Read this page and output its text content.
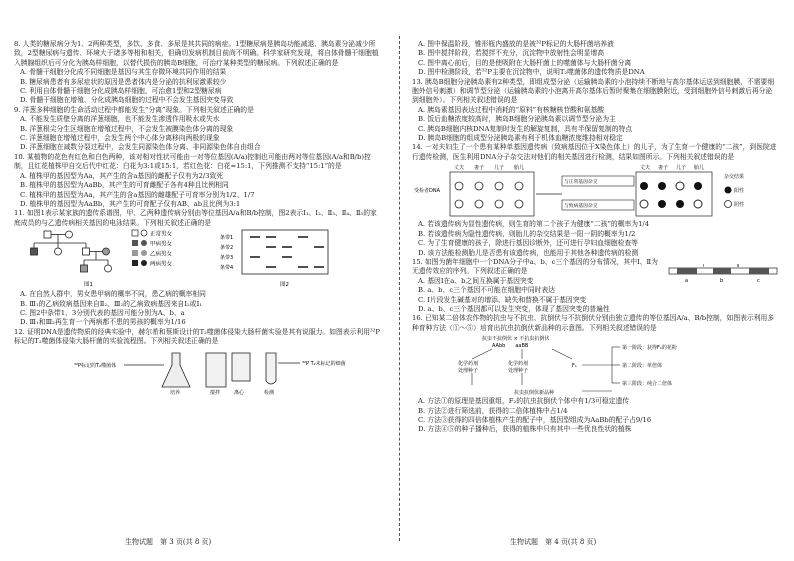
8. 人类的糖尿病分为1、2两种类型，多饮、多食、多尿是其共同的病症。1型糖尿病是胰岛功能减退、胰岛素分泌减少所致，2型糖尿病与遗传、环境大于诸多等相和相关，但确切发病机制目前尚不明确。科学家研究发现，将自体骨髓干细胞植入胰腺组织后可分化为胰岛样细胞，以替代损伤的胰岛B细胞，可治疗某种类型的糖尿病。下列叙述正确的是

A. 骨髓干细胞分化成不同细胞是基因与其生存微环境共同作用的结果

B. 糖尿病患者有多尿症状的原因是患者体内是分泌的抗利尿激素较少

C. 利用自体骨髓干细胞分化成胰岛样细胞，可治愈1型和2型糖尿病

D. 骨髓干细胞在增殖、分化成胰岛细胞的过程中不会发生基因突变导致

9. 洋葱多种细胞的生命活动过程中都能发生“分离”现象。下列相关叙述正确的是

A. 不能发生质壁分离的洋葱细胞，也不能发生渗透作用吸水或失水

B. 洋葱根尖分生区细胞在增殖过程中，不会发生被膜染色体分离的现象

C. 洋葱细胞在增殖过程中，会发生两个中心体分离移向两极的现象

D. 洋葱细胞在减数分裂过程中，会发生同源染色体分离、非同源染色体自由组合

10. 某植物的花色有红色和白色两种，该对相对性状可能由一对等位基因(A/a)控制也可能由两对等位基因(A/a和B/b)控制，且红花植株甲自交后代中红花：白花为3:1或15:1，若红色花：白花=15:1，下列推测不支持“15:1”的是

A. 植株甲的基因型为Aa，其产生的含a基因的雌配子仅有为2/3致死

B. 植株甲的基因型为AaBb，其产生的可育雌配子各有4种且比例相同

C. 植株甲的基因型为Aa，其产生的含a基因的雌雄配子可育率分别为1/2、1/7

D. 植株甲的基因型为AaBb，其产生的可育配子仅有AB、ab且比例为3:1

11. 如图1表示某家族的遗传系谱图，甲、乙两种遗传病分别由等位基因A/a和B/b控制，图2表示Ⅰ₁、Ⅰ₂、Ⅱ₃、Ⅱ₄、Ⅱ₅的家庭成员的与乙遗传病相关基因的电泳结果。下列相关叙述正确的是

正常男女
甲病男女
乙病男女
两病男女
图1
条带1
条带2
条带3
条带4
图2

A. 在自然人群中，男女患甲病的概率不同，患乙病的概率相同

B. Ⅲ₁的乙病致病基因来自Ⅱ₂、Ⅲ₂的乙病致病基因来自Ⅰ₂或Ⅰ₁

C. 图2中条带1、3分别代表的基因可能分别为A、b、a

D. Ⅲ₁和Ⅲ₂再生育一个两病都不患的男孩的概率为1/16

12. 证明DNA是遗传物质的经典实验中，赫尔希和蔡斯设计的T₂噬菌体侵染大肠杆菌实验是其有说服力。如图表示利用³²P标记的T₂噬菌体侵染大肠杆菌的实验流程图。下列相关叙述正确的是

³²P标记的T₂噬菌体
培养	搅拌	离心	检测
³²P T₂未标记的细菌

A. 图中保温阶段，锥形瓶内盛放的是被³²P标记的大肠杆菌培养液

B. 图中搅拌阶段，若搅拌不充分，沉淀物中放射性会明显增高

C. 图中离心前后，目的是使吸附在大肠杆菌上的噬菌体与大肠杆菌分离

D. 图中检测阶段，若³²P主要在沉淀物中，说明T₂噬菌体的遗传物质是DNA

13. 胰岛B细胞分泌胰岛素有2种类型，即组成型分泌（运输胰岛素的小泡持续不断地与高尔基体运送到细胞膜，不需要细胞外信号刺激）和调节型分泌（运输胰岛素的小泡离开高尔基体后暂时聚集在细胞膜附近，受到细胞外信号刺激后再分泌到细胞外）。下列相关叙述错误的是

A. 胰岛素基因表达过程中消耗的“原料”有核糖核苷酸和氨基酸

B. 饭后血糖浓度较高时，胰岛B细胞分泌胰岛素以调节型分泌为主

C. 胰岛B细胞内核DNA复制时发生的解旋复制，具有半保留复制的特点

D. 胰岛B细胞的组成型分泌胰岛素有利于机体血糖浓度维持相对稳定

14. 一对夫妇生了一个患有某种单基因遗传病（致病基因位于X染色体上）的儿子，为了生育一个健康的“二孩”，到医院进行遗传检测，医生利用DNA分子杂交法对他们的相关基因进行检测，结果如图所示。下列相关叙述错误的是

受检者DNA
丈夫 妻子 儿子 胎儿
与正常基因杂交
与致病基因杂交
丈夫 妻子 儿子 胎儿
杂交结果
阳性
阴性

A. 若该遗传病为显性遗传病，则生育的第二个孩子为健康“二孩”的概率为1/4

B. 若该遗传病为隐性遗传病，则胎儿的杂交结果是一阳一阴的概率为1/2

C. 为了生育健康的孩子，除进行基因诊断外，还可进行孕妇血细胞检查等

D. 该方法能检测胎儿是否患有该遗传病，也能用于其他各种遗传病的检测

15. 如图为菌年细胞中一个DNA分子中a、b、c三个基因的分布情况，其中Ⅰ、Ⅱ为无遗传效应的序列。下列叙述正确的是

a
Ⅰ
b
Ⅱ
c

A. 基因Ⅰ在a、b之间互换属于基因突变

B. a、b、c三个基因不可能在细胞中同时表达

C. Ⅰ片段发生碱基对的增添、缺失和替换不属于基因突变

D. a、b、c三个基因都可以发生突变，体现了基因突变的普遍性

16. 已知某二倍体农作物的抗虫与不抗虫、抗倒伏与不抗倒伏分别由独立遗传的等位基因A/a、B/b控制，如图表示利用多种育种方法（①～⑤）培育出抗虫抗倒伏新品种的示意图。下列相关叙述错误的是

抗虫不抗倒伏 × 不抗虫抗倒伏
AAbb　　aaBB
化学药剂
处理种子
化学药剂
处理种子
F₁
第一阶段：获得F₁的花粉
第二阶段：单倍体
第三阶段：纯合二倍体
抗虫抗倒伏新品种

A. 方法①的原理是基因重组，F₂的抗虫抗倒伏个体中有1/3可稳定遗传

B. 方法②进行筛选前，获得的二倍体植株中占1/4

C. 方法③获得的四倍体植株产生的配子中，基因型组成为AaBb的配子占9/16

D. 方法④⑤的种子播种后，获得的植株中只有其中一些优良性状的植株

生物试题　第 3 页(共 8 页)	生物试题　第 4 页(共 8 页)
